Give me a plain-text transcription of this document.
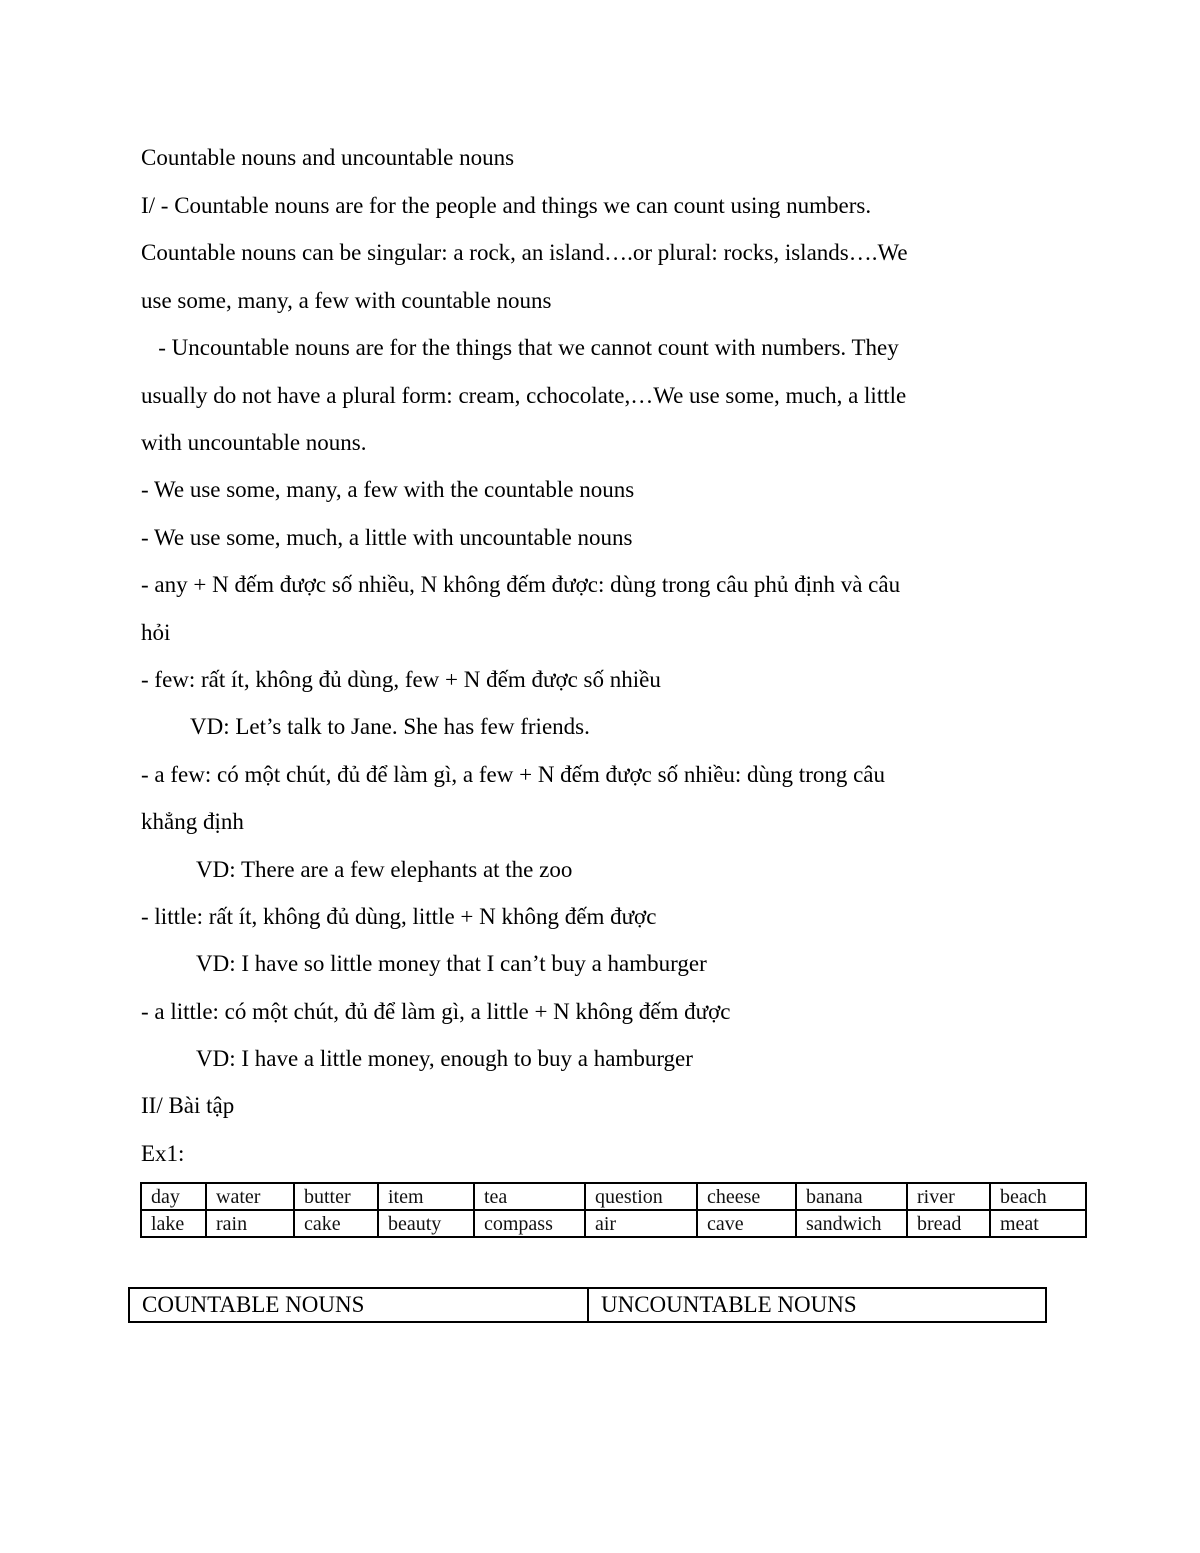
Countable nouns and uncountable nouns
I/ - Countable nouns are for the people and things we can count using numbers.
Countable nouns can be singular: a rock, an island….or plural: rocks, islands….We
use some, many, a few with countable nouns
- Uncountable nouns are for the things that we cannot count with numbers. They
usually do not have a plural form: cream, cchocolate,…We use some, much, a little
with uncountable nouns.
- We use some, many, a few with the countable nouns
- We use some, much, a little with uncountable nouns
- any + N đếm được số nhiều, N không đếm được: dùng trong câu phủ định và câu
hỏi
- few: rất ít, không đủ dùng, few + N đếm được số nhiều
VD: Let’s talk to Jane. She has few friends.
- a few: có một chút, đủ để làm gì, a few + N đếm được số nhiều: dùng trong câu
khẳng định
VD: There are a few elephants at the zoo
- little: rất ít, không đủ dùng, little + N không đếm được
VD: I have so little money that I can’t buy a hamburger
- a little: có một chút, đủ để làm gì, a little + N không đếm được
VD: I have a little money, enough to buy a hamburger
II/ Bài tập
Ex1:
day	water	butter	item	tea	question	cheese	banana	river	beach
lake	rain	cake	beauty	compass	air	cave	sandwich	bread	meat
COUNTABLE NOUNS	UNCOUNTABLE NOUNS
